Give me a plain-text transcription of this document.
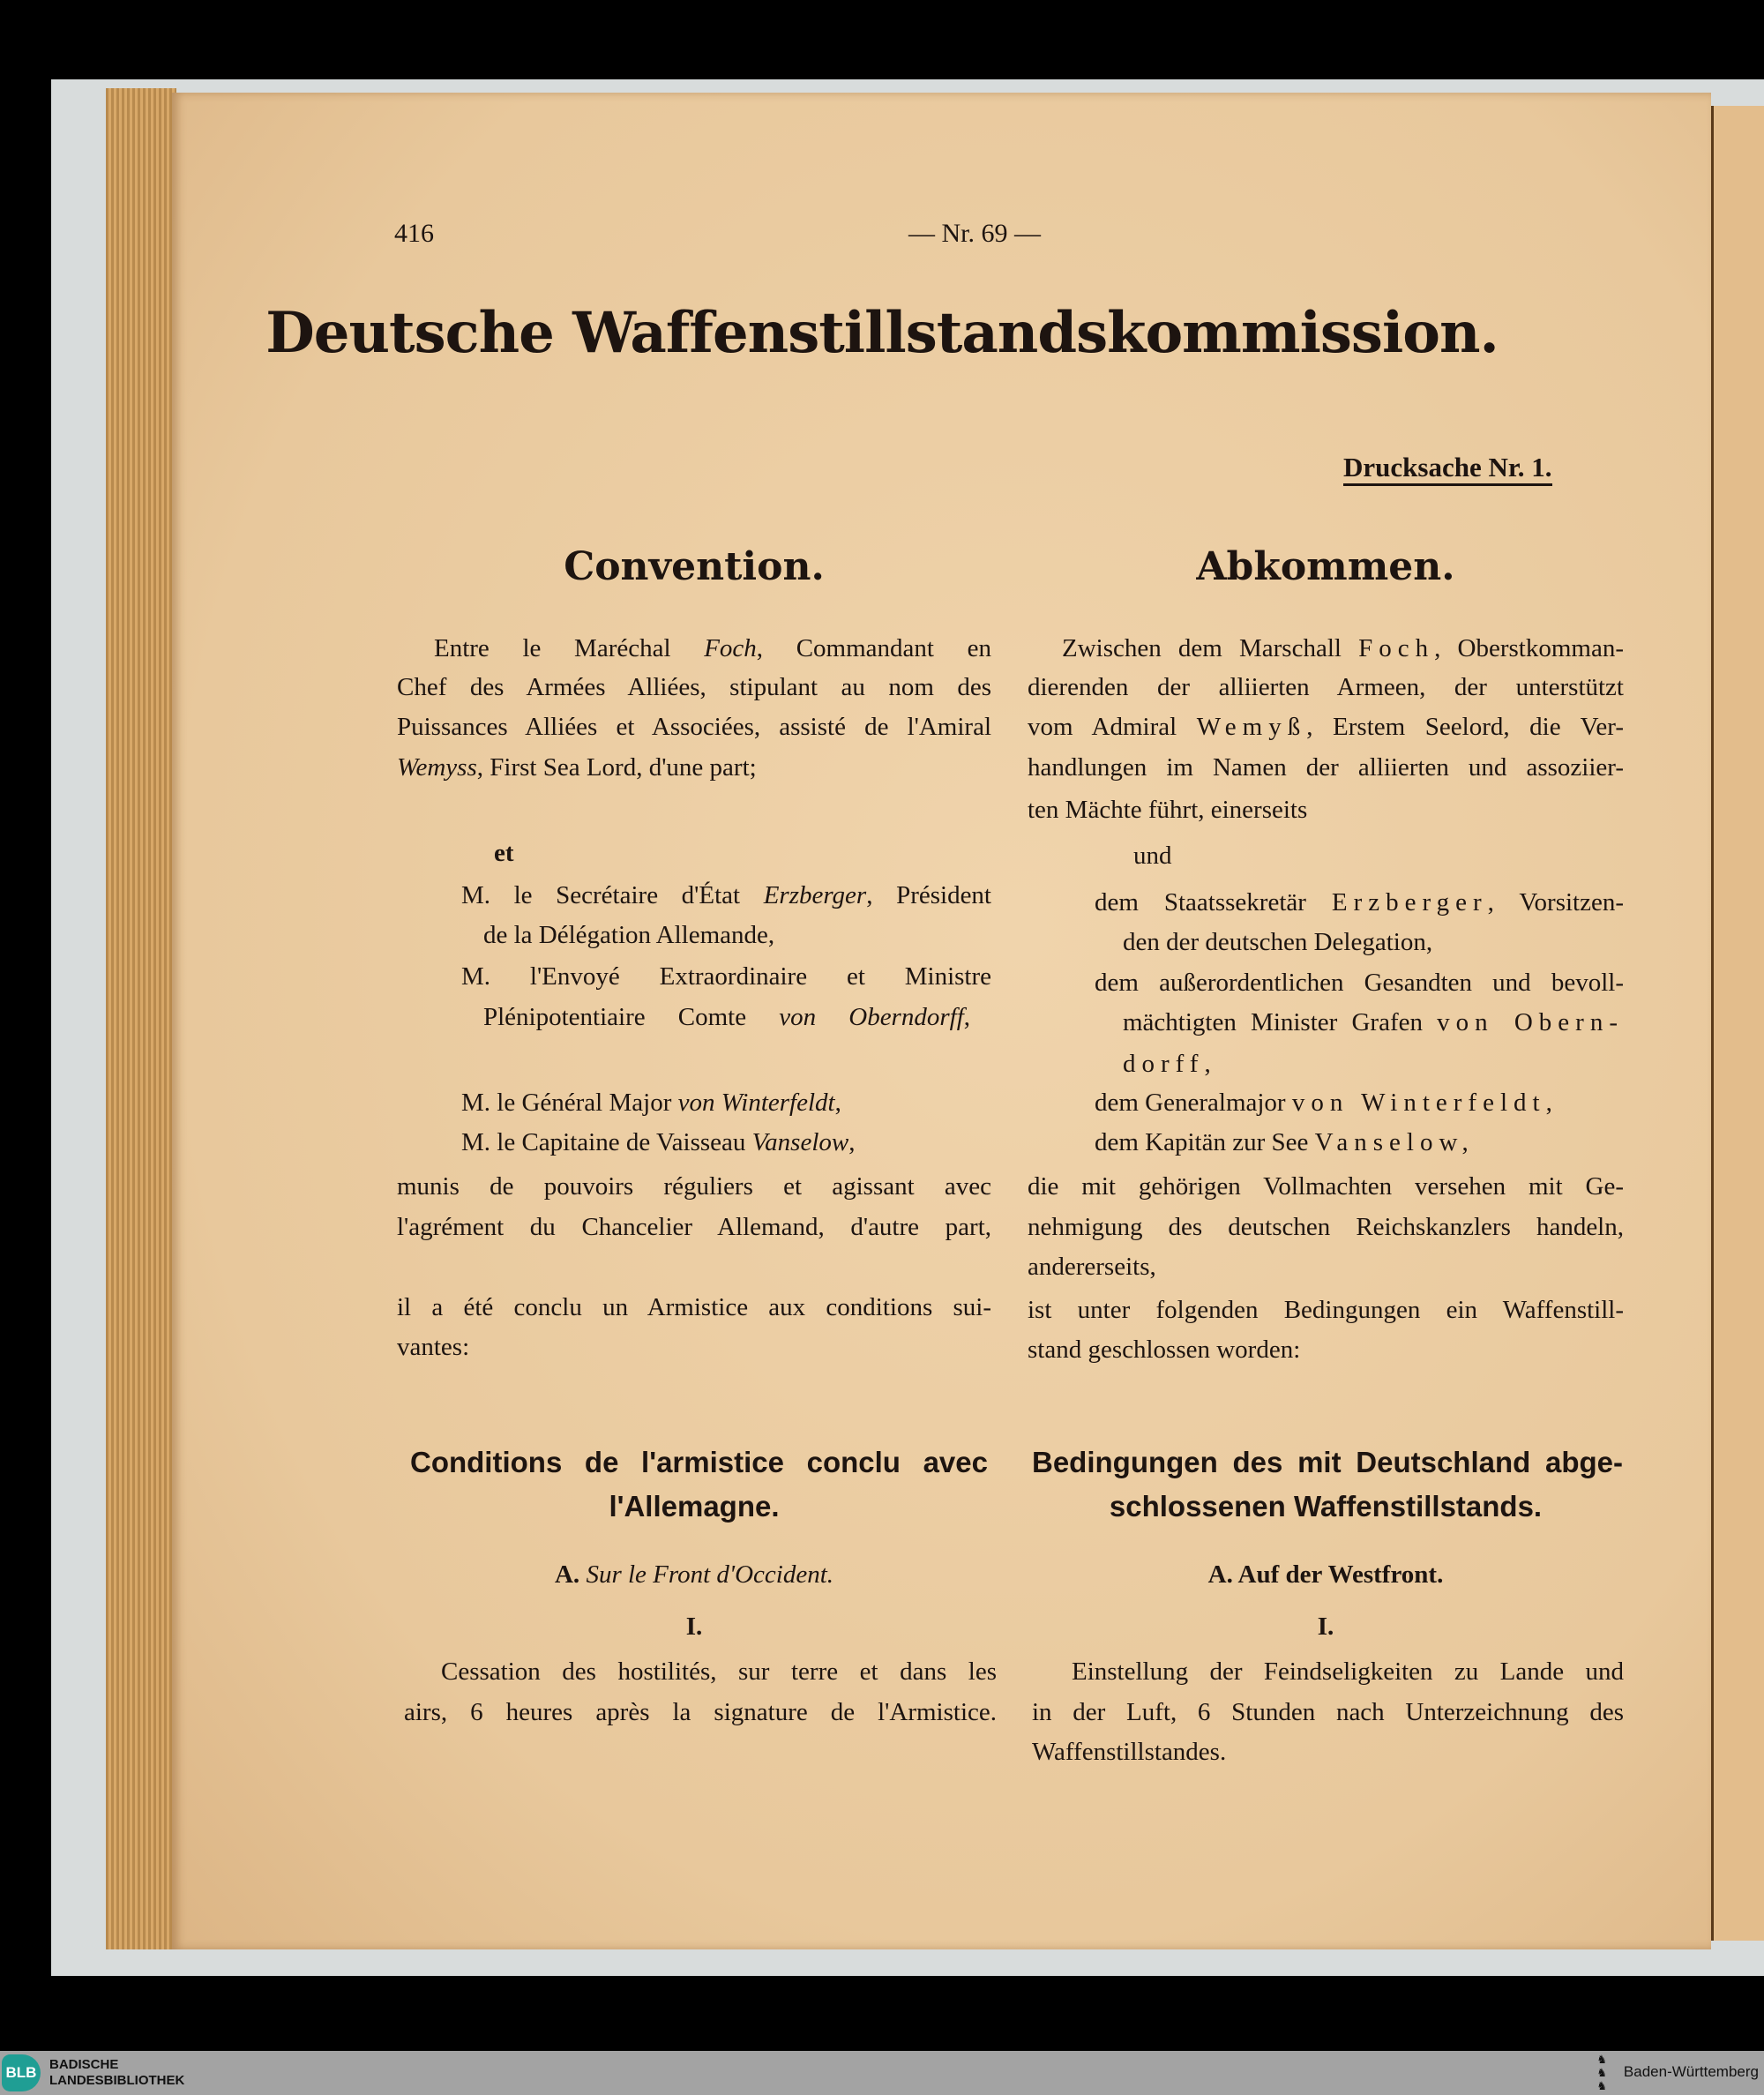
416	— Nr. 69 —
Deutsche Waffenstillstandskommission.
Drucksache Nr. 1.
Convention.
Entre le Maréchal Foch, Commandant en
Chef des Armées Alliées, stipulant au nom des
Puissances Alliées et Associées, assisté de l'Amiral
Wemyss, First Sea Lord, d'une part;
et
M. le Secrétaire d'État Erzberger, Président
de la Délégation Allemande,
M. l'Envoyé Extraordinaire et Ministre
Plénipotentiaire Comte von Oberndorff,
M. le Général Major von Winterfeldt,
M. le Capitaine de Vaisseau Vanselow,
munis de pouvoirs réguliers et agissant avec
l'agrément du Chancelier Allemand, d'autre part,
il a été conclu un Armistice aux conditions sui-
vantes:
Conditions de l'armistice conclu avec
l'Allemagne.
A. Sur le Front d'Occident.
I.
Cessation des hostilités, sur terre et dans les
airs, 6 heures après la signature de l'Armistice.
Abkommen.
Zwischen dem Marschall Foch, Oberstkomman-
dierenden der alliierten Armeen, der unterstützt
vom Admiral Wemyß, Erstem Seelord, die Ver-
handlungen im Namen der alliierten und assoziier-
ten Mächte führt, einerseits
und
dem Staatssekretär Erzberger, Vorsitzen-
den der deutschen Delegation,
dem außerordentlichen Gesandten und bevoll-
mächtigten Minister Grafen von Obern-
dorff,
dem Generalmajor von Winterfeldt,
dem Kapitän zur See Vanselow,
die mit gehörigen Vollmachten versehen mit Ge-
nehmigung des deutschen Reichskanzlers handeln,
andererseits,
ist unter folgenden Bedingungen ein Waffenstill-
stand geschlossen worden:
Bedingungen des mit Deutschland abge-
schlossenen Waffenstillstands.
A. Auf der Westfront.
I.
Einstellung der Feindseligkeiten zu Lande und
in der Luft, 6 Stunden nach Unterzeichnung des
Waffenstillstandes.
BLB BADISCHE
LANDESBIBLIOTHEK
♞
♞
♞
Baden-Württemberg
